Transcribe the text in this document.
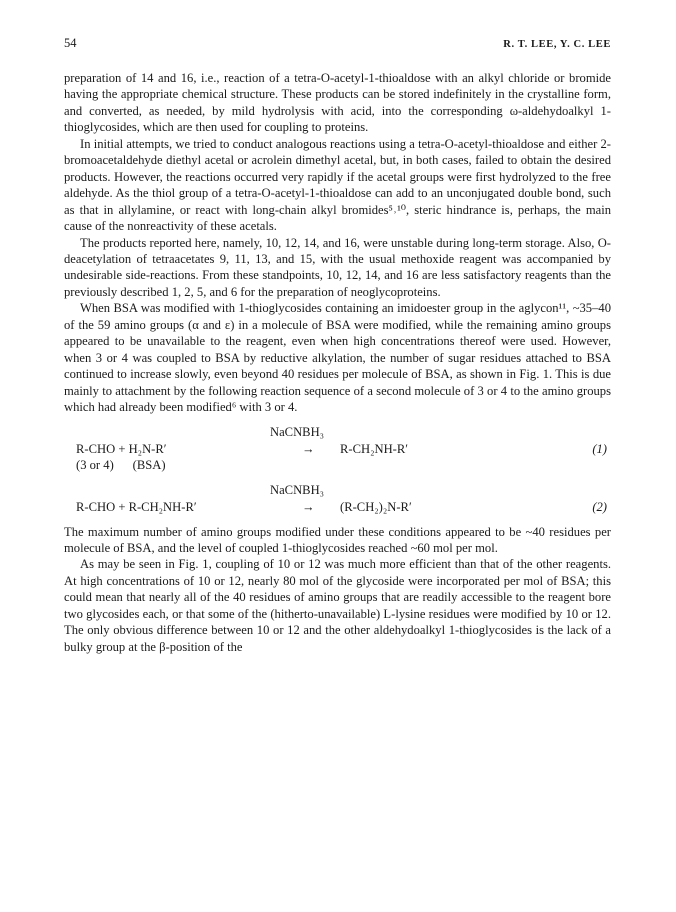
54	R. T. LEE, Y. C. LEE

preparation of 14 and 16, i.e., reaction of a tetra-O-acetyl-1-thioaldose with an alkyl chloride or bromide having the appropriate chemical structure. These products can be stored indefinitely in the crystalline form, and converted, as needed, by mild hydrolysis with acid, into the corresponding ω-aldehydoalkyl 1-thioglycosides, which are then used for coupling to proteins.

In initial attempts, we tried to conduct analogous reactions using a tetra-O-acetyl-thioaldose and either 2-bromoacetaldehyde diethyl acetal or acrolein dimethyl acetal, but, in both cases, failed to obtain the desired products. However, the reactions occurred very rapidly if the acetal groups were first hydrolyzed to the free aldehyde. As the thiol group of a tetra-O-acetyl-1-thioaldose can add to an unconjugated double bond, such as that in allylamine, or react with long-chain alkyl bromides⁵˒¹⁰, steric hindrance is, perhaps, the main cause of the nonreactivity of these acetals.

The products reported here, namely, 10, 12, 14, and 16, were unstable during long-term storage. Also, O-deacetylation of tetraacetates 9, 11, 13, and 15, with the usual methoxide reagent was accompanied by undesirable side-reactions. From these standpoints, 10, 12, 14, and 16 are less satisfactory reagents than the previously described 1, 2, 5, and 6 for the preparation of neoglycoproteins.

When BSA was modified with 1-thioglycosides containing an imidoester group in the aglycon¹¹, ~35–40 of the 59 amino groups (α and ε) in a molecule of BSA were modified, while the remaining amino groups appeared to be unavailable to the reagent, even when high concentrations thereof were used. However, when 3 or 4 was coupled to BSA by reductive alkylation, the number of sugar residues attached to BSA continued to increase slowly, even beyond 40 residues per molecule of BSA, as shown in Fig. 1. This is due mainly to attachment by the following reaction sequence of a second molecule of 3 or 4 to the amino groups which had already been modified⁶ with 3 or 4.

NaCNBH₃
R-CHO + H₂N-R′
(3 or 4)      (BSA)
→ R-CH₂NH-R′	(1)
NaCNBH₃
R-CHO + R-CH₂NH-R′	→ (R-CH₂)₂N-R′	(2)

The maximum number of amino groups modified under these conditions appeared to be ~40 residues per molecule of BSA, and the level of coupled 1-thioglycosides reached ~60 mol per mol.

As may be seen in Fig. 1, coupling of 10 or 12 was much more efficient than that of the other reagents. At high concentrations of 10 or 12, nearly 80 mol of the glycoside were incorporated per mol of BSA; this could mean that nearly all of the 40 residues of amino groups that are readily accessible to the reagent bore two glycosides each, or that some of the (hitherto-unavailable) L-lysine residues were modified by 10 or 12. The only obvious difference between 10 or 12 and the other aldehydoalkyl 1-thioglycosides is the lack of a bulky group at the β-position of the
